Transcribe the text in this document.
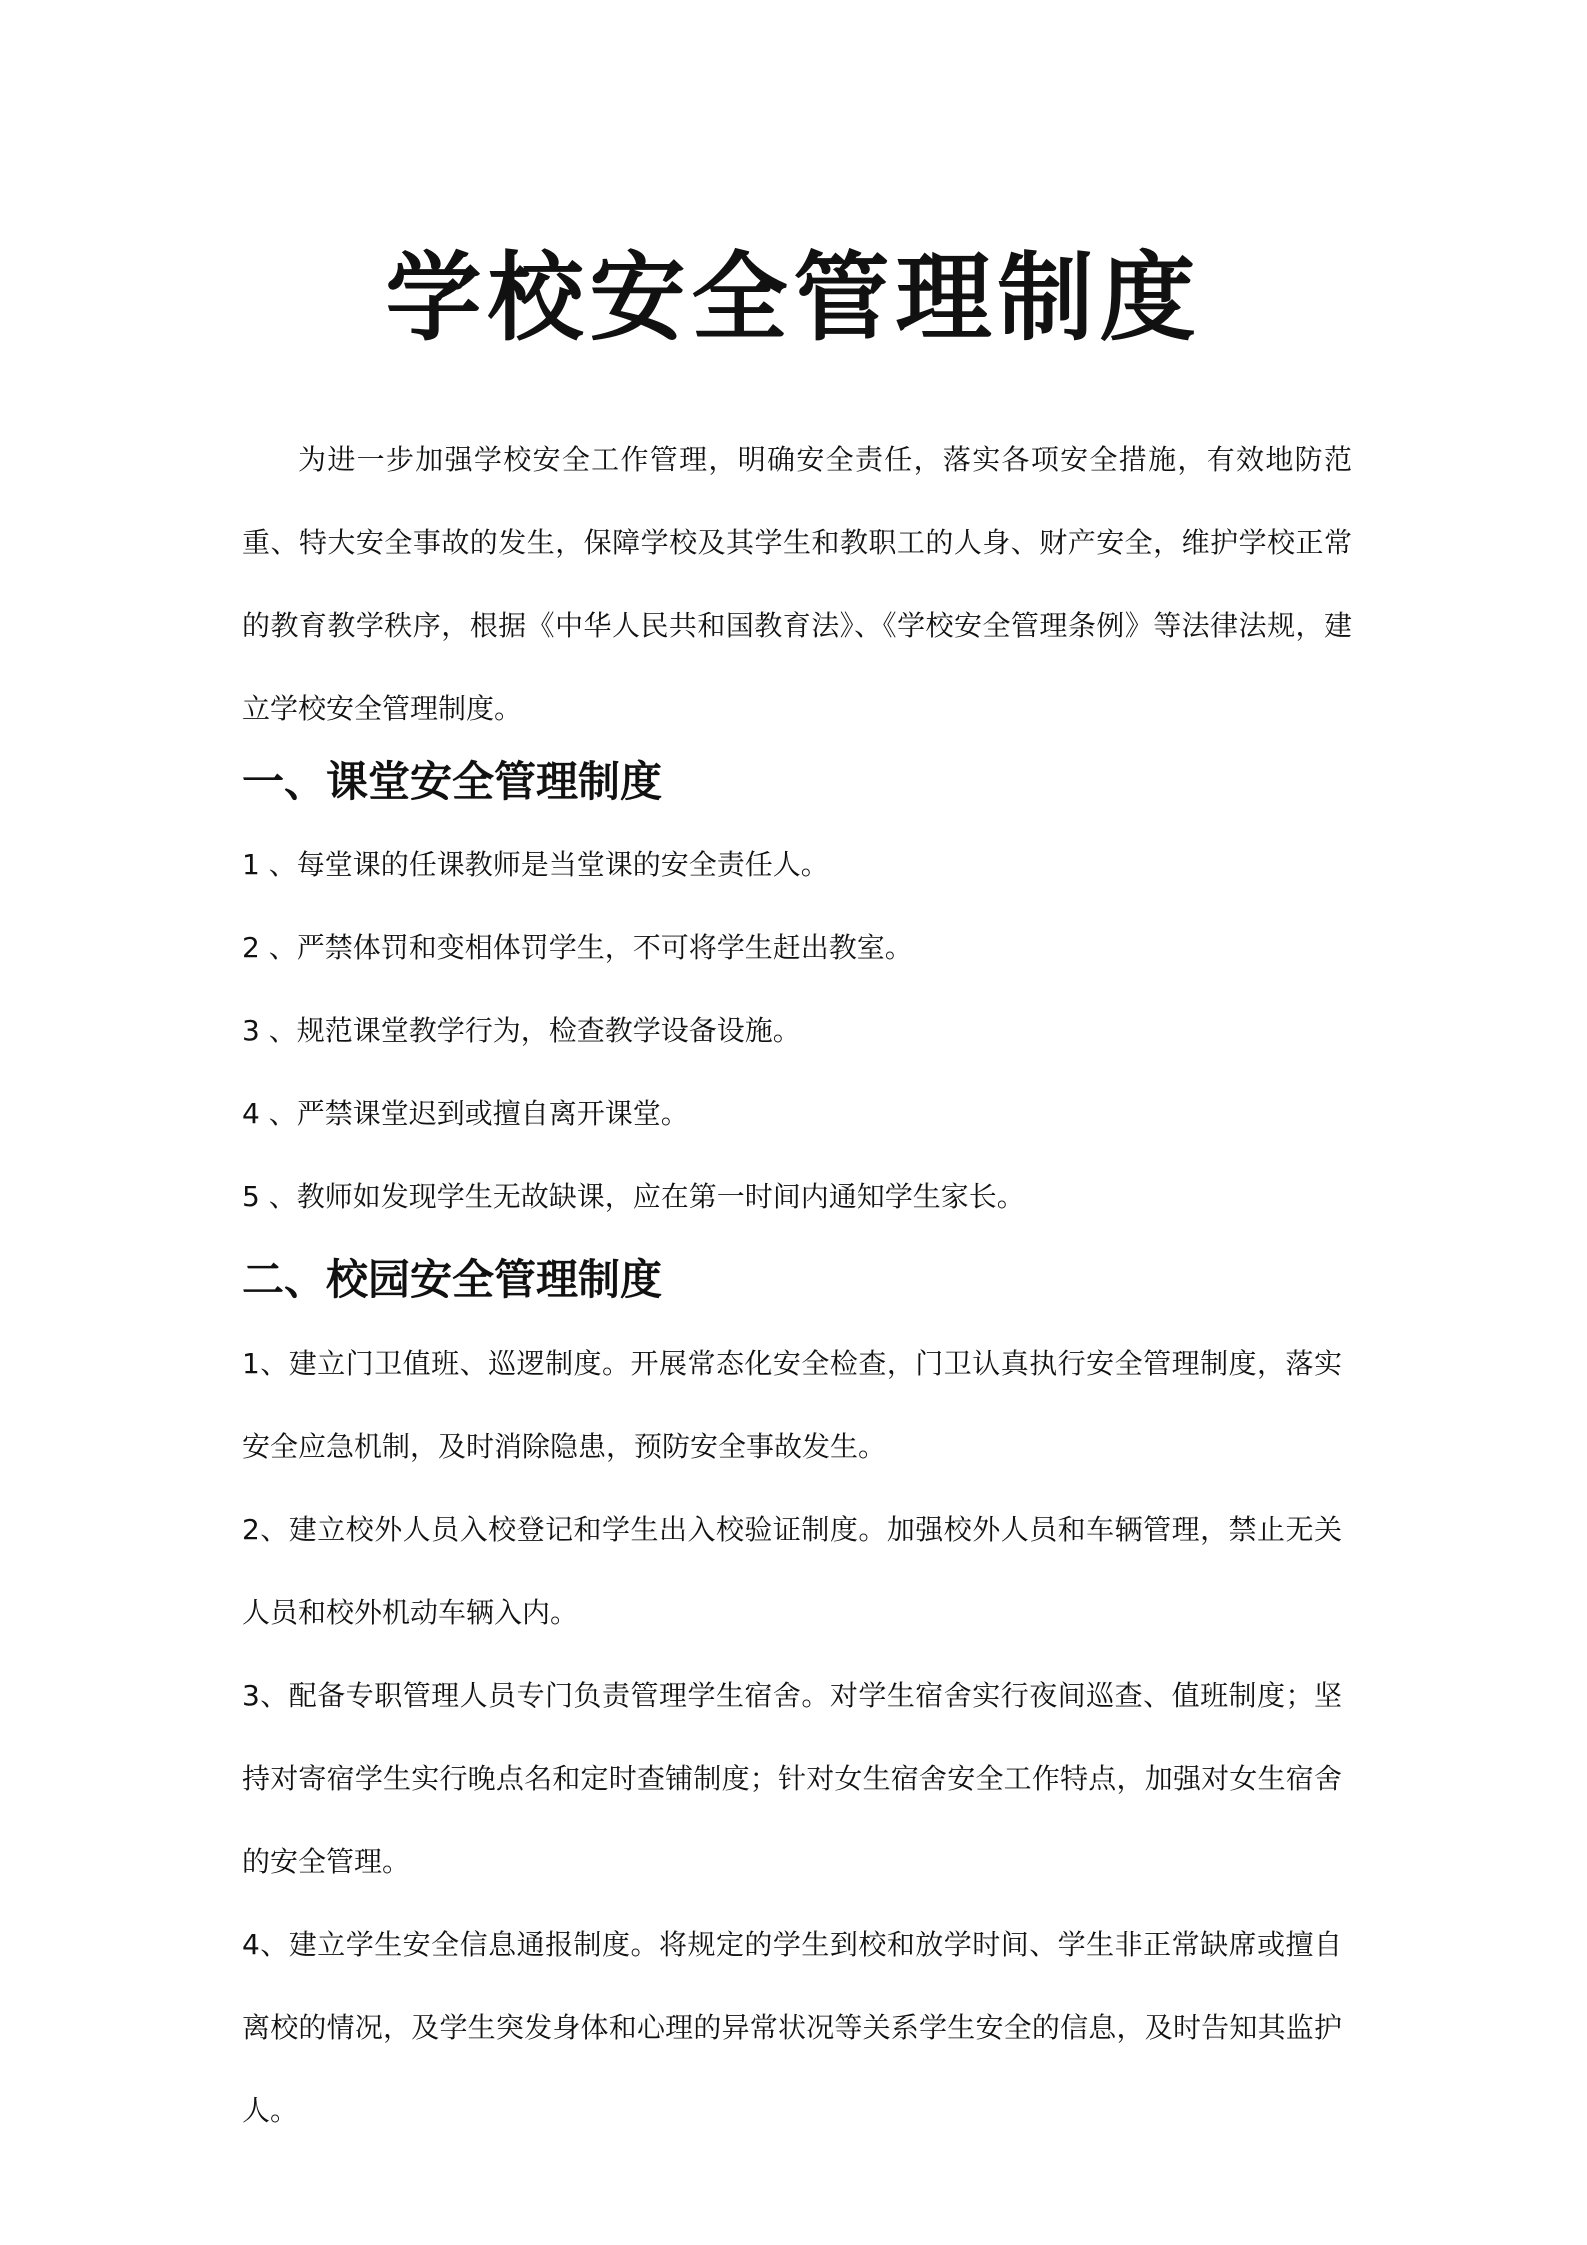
学校安全管理制度

为进一步加强学校安全工作管理，明确安全责任，落实各项安全措施，有效地防范重、特大安全事故的发生，保障学校及其学生和教职工的人身、财产安全，维护学校正常的教育教学秩序，根据《中华人民共和国教育法》、《学校安全管理条例》等法律法规，建立学校安全管理制度。

一、课堂安全管理制度

1 、每堂课的任课教师是当堂课的安全责任人。

2 、严禁体罚和变相体罚学生，不可将学生赶出教室。

3 、规范课堂教学行为，检查教学设备设施。

4 、严禁课堂迟到或擅自离开课堂。

5 、教师如发现学生无故缺课，应在第一时间内通知学生家长。

二、校园安全管理制度

1、建立门卫值班、巡逻制度。开展常态化安全检查，门卫认真执行安全管理制度，落实安全应急机制，及时消除隐患，预防安全事故发生。

2、建立校外人员入校登记和学生出入校验证制度。加强校外人员和车辆管理，禁止无关人员和校外机动车辆入内。

3、配备专职管理人员专门负责管理学生宿舍。对学生宿舍实行夜间巡查、值班制度；坚持对寄宿学生实行晚点名和定时查铺制度；针对女生宿舍安全工作特点，加强对女生宿舍的安全管理。

4、建立学生安全信息通报制度。将规定的学生到校和放学时间、学生非正常缺席或擅自离校的情况，及学生突发身体和心理的异常状况等关系学生安全的信息，及时告知其监护人。
